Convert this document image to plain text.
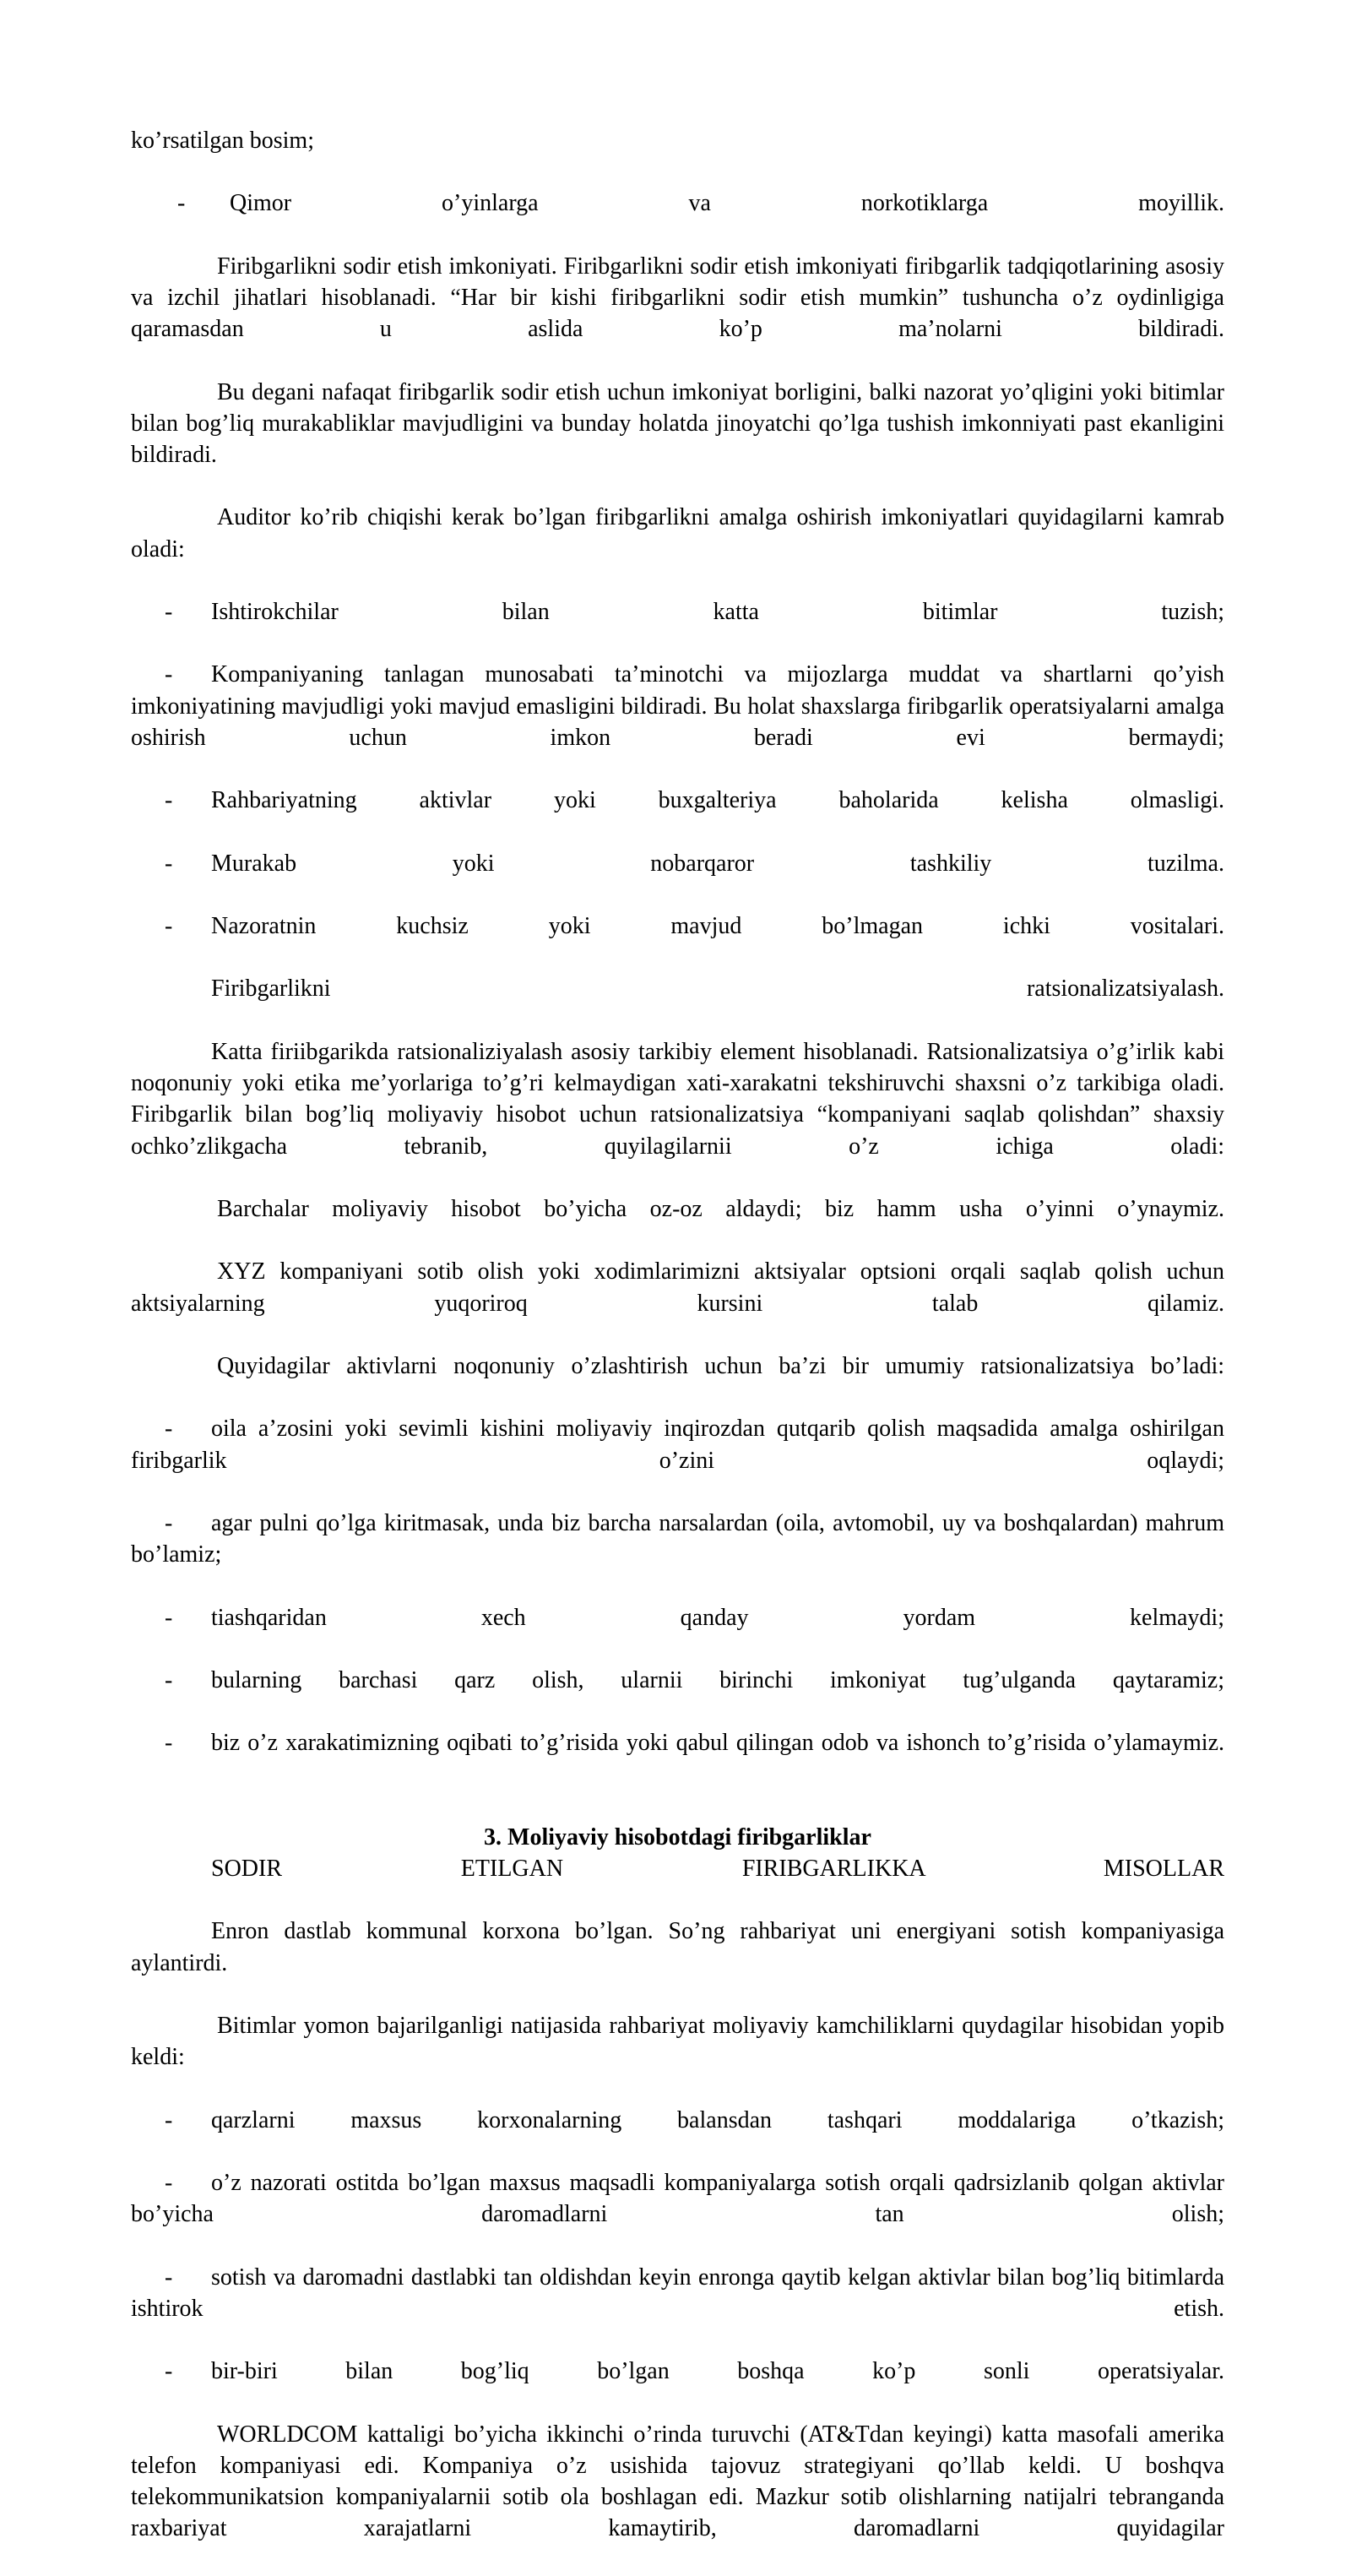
ko’rsatilgan bosim;

- Qimor o’yinlarga va norkotiklarga moyillik.

Firibgarlikni sodir etish imkoniyati. Firibgarlikni sodir etish imkoniyati firibgarlik tadqiqotlarining asosiy va izchil jihatlari hisoblanadi. “Har bir kishi firibgarlikni sodir etish mumkin” tushuncha o’z oydinligiga qaramasdan u aslida ko’p ma’nolarni bildiradi.

Bu degani nafaqat firibgarlik sodir etish uchun imkoniyat borligini, balki nazorat yo’qligini yoki bitimlar bilan bog’liq murakabliklar mavjudligini va bunday holatda jinoyatchi qo’lga tushish imkonniyati past ekanligini bildiradi.

Auditor ko’rib chiqishi kerak bo’lgan firibgarlikni amalga oshirish imkoniyatlari quyidagilarni kamrab oladi:

- Ishtirokchilar bilan katta bitimlar tuzish;

- Kompaniyaning tanlagan munosabati ta’minotchi va mijozlarga muddat va shartlarni qo’yish imkoniyatining mavjudligi yoki mavjud emasligini bildiradi. Bu holat shaxslarga firibgarlik operatsiyalarni amalga oshirish uchun imkon beradi evi bermaydi;

- Rahbariyatning aktivlar yoki buxgalteriya baholarida kelisha olmasligi.

- Murakab yoki nobarqaror tashkiliy tuzilma.

- Nazoratnin kuchsiz yoki mavjud bo’lmagan ichki vositalari.

Firibgarlikni ratsionalizatsiyalash.

Katta firiibgarikda ratsionaliziyalash asosiy tarkibiy element hisoblanadi. Ratsionalizatsiya o’g’irlik kabi noqonuniy yoki etika me’yorlariga to’g’ri kelmaydigan xati-xarakatni tekshiruvchi shaxsni o’z tarkibiga oladi. Firibgarlik bilan bog’liq moliyaviy hisobot uchun ratsionalizatsiya “kompaniyani saqlab qolishdan” shaxsiy ochko’zlikgacha tebranib, quyilagilarnii o’z ichiga oladi:

Barchalar moliyaviy hisobot bo’yicha oz-oz aldaydi; biz hamm usha o’yinni o’ynaymiz.

XYZ kompaniyani sotib olish yoki xodimlarimizni aktsiyalar optsioni orqali saqlab qolish uchun aktsiyalarning yuqoriroq kursini talab qilamiz.

Quyidagilar aktivlarni noqonuniy o’zlashtirish uchun ba’zi bir umumiy ratsionalizatsiya bo’ladi:

- oila a’zosini yoki sevimli kishini moliyaviy inqirozdan qutqarib qolish maqsadida amalga oshirilgan firibgarlik o’zini oqlaydi;

- agar pulni qo’lga kiritmasak, unda biz barcha narsalardan (oila, avtomobil, uy va boshqalardan) mahrum bo’lamiz;

- tiashqaridan xech qanday yordam kelmaydi;

- bularning barchasi qarz olish, ularnii birinchi imkoniyat tug’ulganda qaytaramiz;

- biz o’z xarakatimizning oqibati to’g’risida yoki qabul qilingan odob va ishonch to’g’risida o’ylamaymiz.

3. Moliyaviy hisobotdagi firibgarliklar

SODIR ETILGAN FIRIBGARLIKKA MISOLLAR

Enron dastlab kommunal korxona bo’lgan. So’ng rahbariyat uni energiyani sotish kompaniyasiga aylantirdi.

Bitimlar yomon bajarilganligi natijasida rahbariyat moliyaviy kamchiliklarni quydagilar hisobidan yopib keldi:

- qarzlarni maxsus korxonalarning balansdan tashqari moddalariga o’tkazish;

- o’z nazorati ostitda bo’lgan maxsus maqsadli kompaniyalarga sotish orqali qadrsizlanib qolgan aktivlar bo’yicha daromadlarni tan olish;

- sotish va daromadni dastlabki tan oldishdan keyin enronga qaytib kelgan aktivlar bilan bog’liq bitimlarda ishtirok etish.

- bir-biri bilan bog’liq bo’lgan boshqa ko’p sonli operatsiyalar.

WORLDCOM kattaligi bo’yicha ikkinchi o’rinda turuvchi (AT&Tdan keyingi) katta masofali amerika telefon kompaniyasi edi. Kompaniya o’z usishida tajovuz strategiyani qo’llab keldi. U boshqva telekommunikatsion kompaniyalarnii sotib ola boshlagan edi. Mazkur sotib olishlarning natijalri tebranganda raxbariyat xarajatlarni kamaytirib, daromadlarni quyidagilar
